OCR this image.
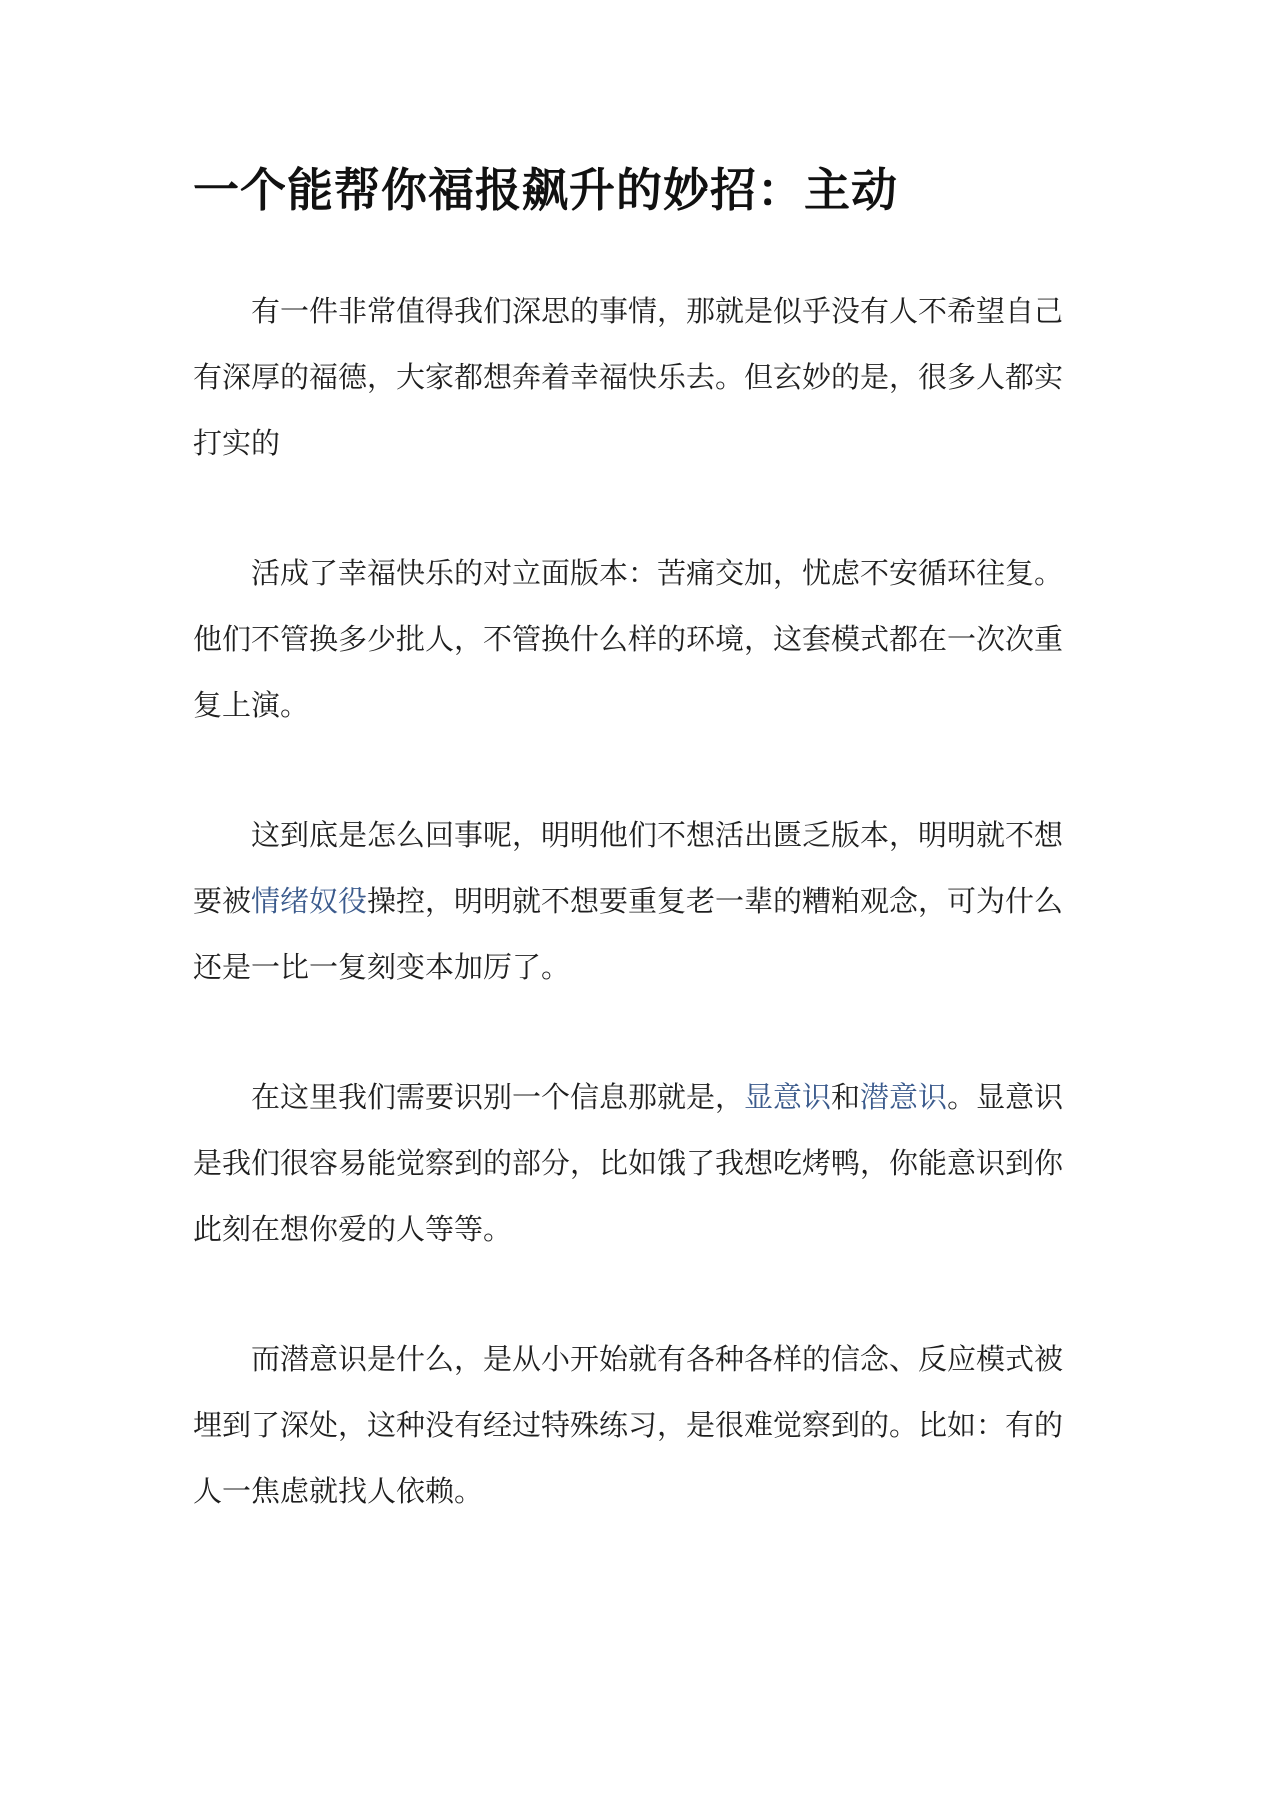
一个能帮你福报飙升的妙招：主动

有一件非常值得我们深思的事情，那就是似乎没有人不希望自己
有深厚的福德，大家都想奔着幸福快乐去。但玄妙的是，很多人都实
打实的

活成了幸福快乐的对立面版本：苦痛交加，忧虑不安循环往复。
他们不管换多少批人，不管换什么样的环境，这套模式都在一次次重
复上演。

这到底是怎么回事呢，明明他们不想活出匮乏版本，明明就不想
要被情绪奴役操控，明明就不想要重复老一辈的糟粕观念，可为什么
还是一比一复刻变本加厉了。

在这里我们需要识别一个信息那就是，显意识和潜意识。显意识
是我们很容易能觉察到的部分，比如饿了我想吃烤鸭，你能意识到你
此刻在想你爱的人等等。

而潜意识是什么，是从小开始就有各种各样的信念、反应模式被
埋到了深处，这种没有经过特殊练习，是很难觉察到的。比如：有的
人一焦虑就找人依赖。
